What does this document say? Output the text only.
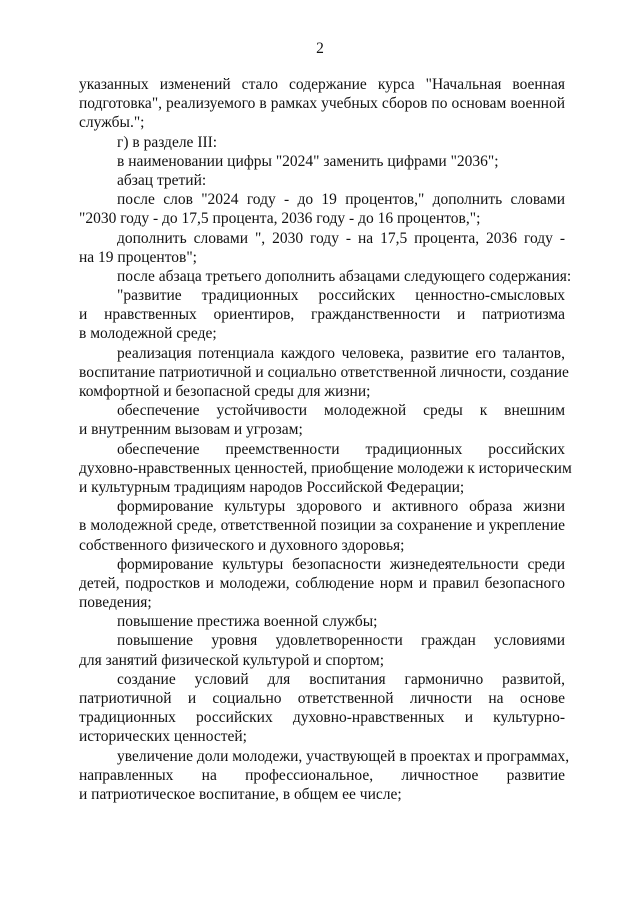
2
указанных изменений стало содержание курса "Начальная военная
подготовка", реализуемого в рамках учебных сборов по основам военной
службы.";
г) в разделе III:
в наименовании цифры "2024" заменить цифрами "2036";
абзац третий:
после слов "2024 году - до 19 процентов," дополнить словами
"2030 году - до 17,5 процента, 2036 году - до 16 процентов,";
дополнить словами ", 2030 году - на 17,5 процента, 2036 году -
на 19 процентов";
после абзаца третьего дополнить абзацами следующего содержания:
"развитие традиционных российских ценностно-смысловых
и нравственных ориентиров, гражданственности и патриотизма
в молодежной среде;
реализация потенциала каждого человека, развитие его талантов,
воспитание патриотичной и социально ответственной личности, создание
комфортной и безопасной среды для жизни;
обеспечение устойчивости молодежной среды к внешним
и внутренним вызовам и угрозам;
обеспечение преемственности традиционных российских
духовно-нравственных ценностей, приобщение молодежи к историческим
и культурным традициям народов Российской Федерации;
формирование культуры здорового и активного образа жизни
в молодежной среде, ответственной позиции за сохранение и укрепление
собственного физического и духовного здоровья;
формирование культуры безопасности жизнедеятельности среди
детей, подростков и молодежи, соблюдение норм и правил безопасного
поведения;
повышение престижа военной службы;
повышение уровня удовлетворенности граждан условиями
для занятий физической культурой и спортом;
создание условий для воспитания гармонично развитой,
патриотичной и социально ответственной личности на основе
традиционных российских духовно-нравственных и культурно-
исторических ценностей;
увеличение доли молодежи, участвующей в проектах и программах,
направленных на профессиональное, личностное развитие
и патриотическое воспитание, в общем ее числе;
